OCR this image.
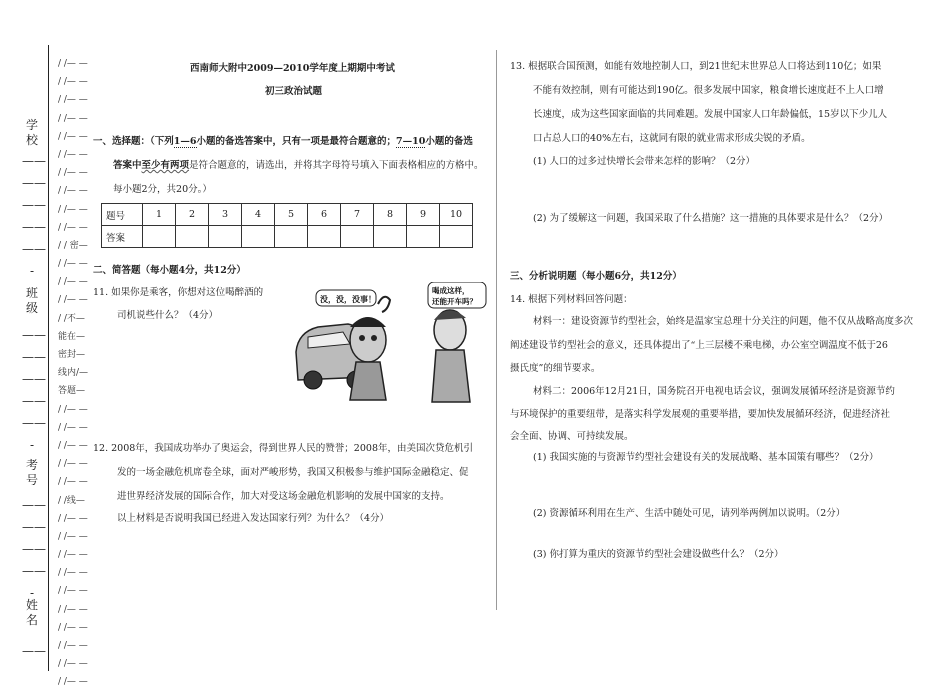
学 校
——
——
——
——
——
-
班 级
——
——
——
——
——
-
考 号
——
——
——
——
-
姓 名
——
/ /— —
/ /— —
/ /— —
/ /— —
/ /— —
/ /— —
/ /— —
/ /— —
/ /— —
/ /— —
/ / 密—
/ /— —
/ /— —
/ /— —
/ /不—
能在—
密封—
线内/—
答题—
/ /— —
/ /— —
/ /— —
/ /— —
/ /— —
/ /线—
/ /— —
/ /— —
/ /— —
/ /— —
/ /— —
/ /— —
/ /— —
/ /— —
/ /— —
/ /— —
西南师大附中2009—2010学年度上期期中考试
初三政治试题
一、选择题：（下列1—6小题的备选答案中，只有一项是最符合题意的；7—10小题的备选
答案中至少有两项是符合题意的，请选出，并将其字母符号填入下面表格相应的方格中。
每小题2分，共20分。）
题号	1	2	3	4	5	6	7	8	9	10
答案										
二、简答题（每小题4分，共12分）
11. 如果你是乘客，你想对这位喝醉酒的
司机说些什么？（4分）
没，没，没事！
喝成这样，
还能开车吗？
12. 2008年，我国成功举办了奥运会，得到世界人民的赞誉；2008年，由美国次贷危机引
发的一场金融危机席卷全球，面对严峻形势，我国又积极参与维护国际金融稳定、促
进世界经济发展的国际合作，加大对受这场金融危机影响的发展中国家的支持。
以上材料是否说明我国已经进入发达国家行列？为什么？（4分）
13. 根据联合国预测，如能有效地控制人口，到21世纪末世界总人口将达到110亿；如果
不能有效控制，则有可能达到190亿。很多发展中国家，粮食增长速度赶不上人口增
长速度，成为这些国家面临的共同难题。发展中国家人口年龄偏低，15岁以下少儿人
口占总人口的40%左右，这就同有限的就业需求形成尖锐的矛盾。
(1) 人口的过多过快增长会带来怎样的影响？（2分）
(2) 为了缓解这一问题，我国采取了什么措施？这一措施的具体要求是什么？（2分）
三、分析说明题（每小题6分，共12分）
14. 根据下列材料回答问题：
材料一：建设资源节约型社会，始终是温家宝总理十分关注的问题，他不仅从战略高度多次
阐述建设节约型社会的意义，还具体提出了“上三层楼不乘电梯，办公室空调温度不低于26
摄氏度”的细节要求。
材料二：2006年12月21日，国务院召开电视电话会议，强调发展循环经济是资源节约
与环境保护的重要纽带，是落实科学发展观的重要举措，要加快发展循环经济，促进经济社
会全面、协调、可持续发展。
(1) 我国实施的与资源节约型社会建设有关的发展战略、基本国策有哪些？（2分）
(2) 资源循环利用在生产、生活中随处可见，请列举两例加以说明。（2分）
(3) 你打算为重庆的资源节约型社会建设做些什么？（2分）
